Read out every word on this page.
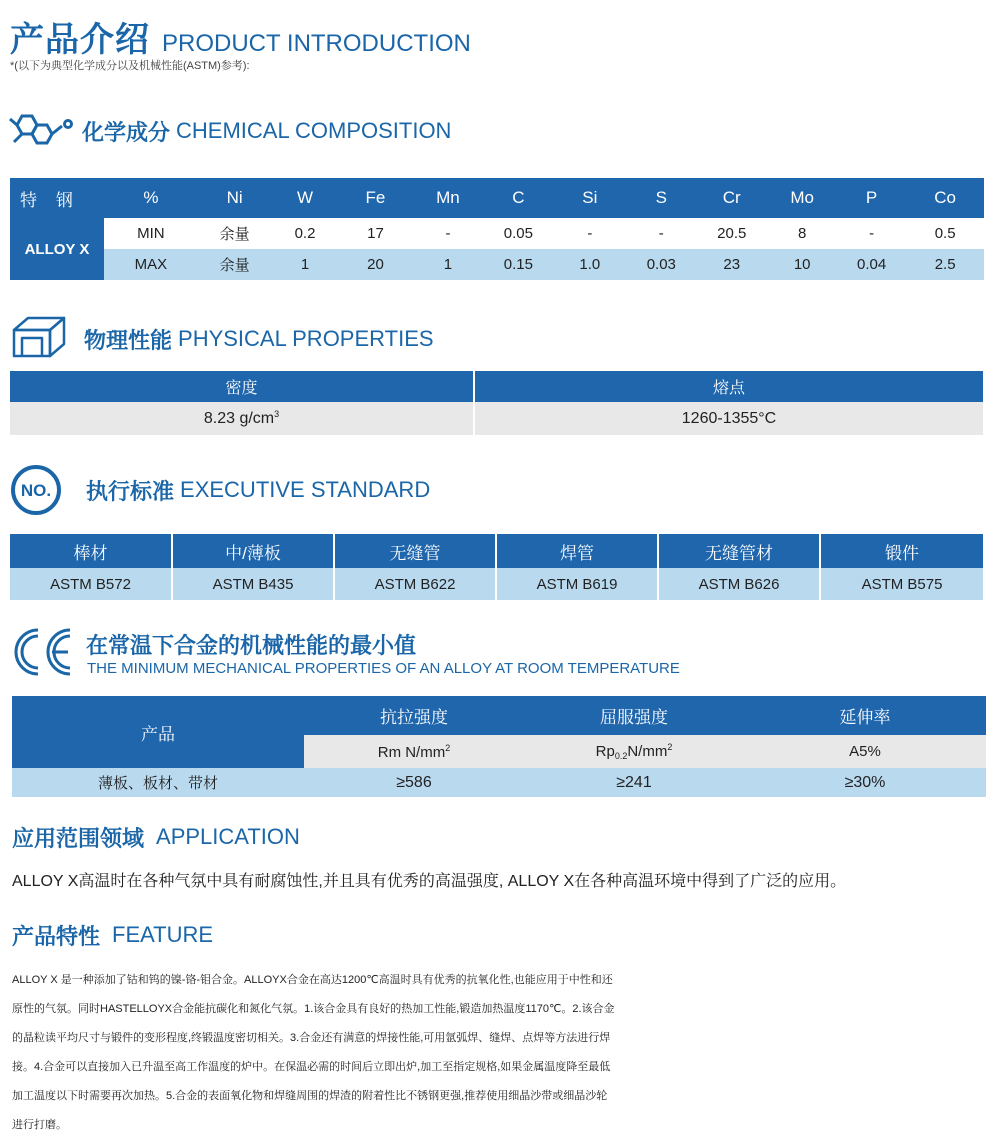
产品介绍 PRODUCT INTRODUCTION
*(以下为典型化学成分以及机械性能(ASTM)参考):
化学成分 CHEMICAL COMPOSITION
特    钢	%	Ni	W	Fe	Mn	C	Si	S	Cr	Mo	P	Co
ALLOY X	MIN	余量	0.2	17	-	0.05	-	-	20.5	8	-	0.5
	MAX	余量	1	20	1	0.15	1.0	0.03	23	10	0.04	2.5
物理性能 PHYSICAL PROPERTIES
密度	熔点
8.23 $g/cm^3$	1260-1355°C
NO. 执行标准 EXECUTIVE STANDARD
棒材	中/薄板	无缝管	焊管	无缝管材	锻件
ASTM B572	ASTM B435	ASTM B622	ASTM B619	ASTM B626	ASTM B575
在常温下合金的机械性能的最小值
THE MINIMUM MECHANICAL PROPERTIES OF AN ALLOY AT ROOM TEMPERATURE
产品	抗拉强度	屈服强度	延伸率
	Rm $N/mm^2$	$Rp_{0.2}N/mm^2$	A5%
薄板、板材、带材	≥586	≥241	≥30%
应用范围领域 APPLICATION
ALLOY X高温时在各种气氛中具有耐腐蚀性,并且具有优秀的高温强度, ALLOY X在各种高温环境中得到了广泛的应用。
产品特性 FEATURE
ALLOY X 是一种添加了钴和钨的镍-铬-钼合金。ALLOYX合金在高达1200℃高温时具有优秀的抗氧化性,也能应用于中性和还
原性的气氛。同时HASTELLOYX合金能抗碳化和氮化气氛。1.该合金具有良好的热加工性能,锻造加热温度1170℃。2.该合金
的晶粒读平均尺寸与锻件的变形程度,终锻温度密切相关。3.合金还有满意的焊接性能,可用氩弧焊、缝焊、点焊等方法进行焊
接。4.合金可以直接加入已升温至高工作温度的炉中。在保温必需的时间后立即出炉,加工至指定规格,如果金属温度降至最低
加工温度以下时需要再次加热。5.合金的表面氧化物和焊缝周围的焊渣的附着性比不锈钢更强,推荐使用细晶沙带或细晶沙轮
进行打磨。
